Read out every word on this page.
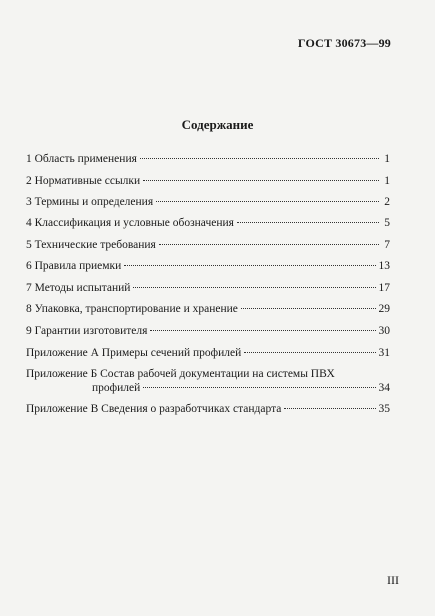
ГОСТ 30673—99
Содержание
1 Область применения	1
2 Нормативные ссылки	1
3 Термины и определения	2
4 Классификация и условные обозначения	5
5 Технические требования	7
6 Правила приемки	13
7 Методы испытаний	17
8 Упаковка, транспортирование и хранение	29
9 Гарантии изготовителя	30
Приложение А Примеры сечений профилей	31
Приложение Б Состав рабочей документации на системы ПВХ
профилей	34
Приложение В Сведения о разработчиках стандарта	35
III
